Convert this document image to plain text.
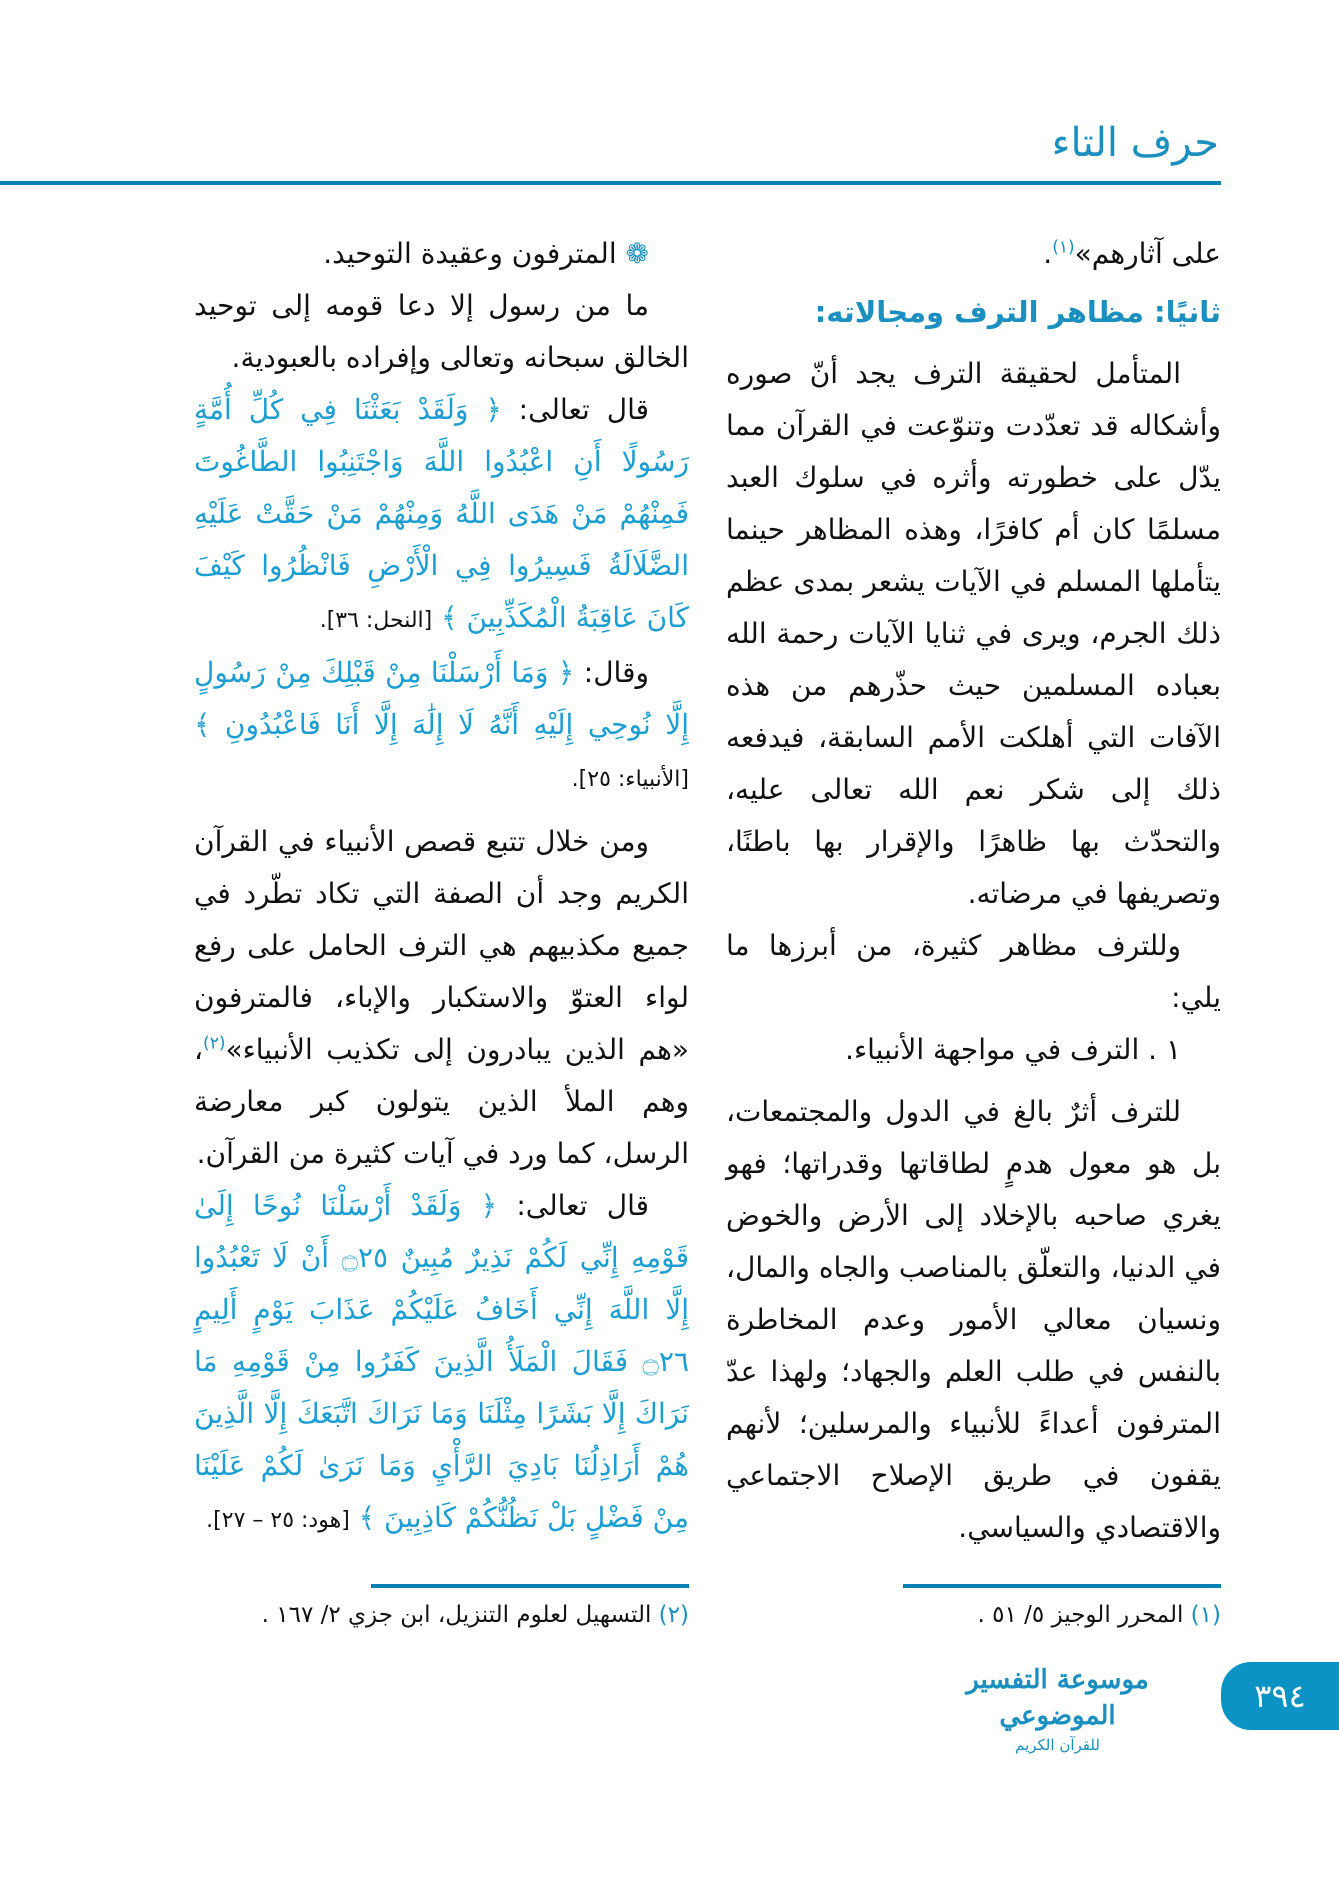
حرف التاء

على آثارهم»$^{(١)}$.

ثانيًا: مظاهر الترف ومجالاته:

المتأمل لحقيقة الترف يجد أنّ صوره وأشكاله قد تعدّدت وتنوّعت في القرآن مما يدّل على خطورته وأثره في سلوك العبد مسلمًا كان أم كافرًا، وهذه المظاهر حينما يتأملها المسلم في الآيات يشعر بمدى عظم ذلك الجرم، ويرى في ثنايا الآيات رحمة الله بعباده المسلمين حيث حذّرهم من هذه الآفات التي أهلكت الأمم السابقة، فيدفعه ذلك إلى شكر نعم الله تعالى عليه، والتحدّث بها ظاهرًا والإقرار بها باطنًا، وتصريفها في مرضاته.

وللترف مظاهر كثيرة، من أبرزها ما يلي:

١ . الترف في مواجهة الأنبياء.

للترف أثرٌ بالغ في الدول والمجتمعات، بل هو معول هدمٍ لطاقاتها وقدراتها؛ فهو يغري صاحبه بالإخلاد إلى الأرض والخوض في الدنيا، والتعلّق بالمناصب والجاه والمال، ونسيان معالي الأمور وعدم المخاطرة بالنفس في طلب العلم والجهاد؛ ولهذا عدّ المترفون أعداءً للأنبياء والمرسلين؛ لأنهم يقفون في طريق الإصلاح الاجتماعي والاقتصادي والسياسي.

❁ المترفون وعقيدة التوحيد.

ما من رسول إلا دعا قومه إلى توحيد الخالق سبحانه وتعالى وإفراده بالعبودية.

قال تعالى: ﴿ وَلَقَدْ بَعَثْنَا فِي كُلِّ أُمَّةٍ رَسُولًا أَنِ اعْبُدُوا اللَّهَ وَاجْتَنِبُوا الطَّاغُوتَ فَمِنْهُمْ مَنْ هَدَى اللَّهُ وَمِنْهُمْ مَنْ حَقَّتْ عَلَيْهِ الضَّلَالَةُ فَسِيرُوا فِي الْأَرْضِ فَانْظُرُوا كَيْفَ كَانَ عَاقِبَةُ الْمُكَذِّبِينَ ﴾ [النحل: ٣٦].

وقال: ﴿ وَمَا أَرْسَلْنَا مِنْ قَبْلِكَ مِنْ رَسُولٍ إِلَّا نُوحِي إِلَيْهِ أَنَّهُ لَا إِلَٰهَ إِلَّا أَنَا فَاعْبُدُونِ ﴾ [الأنبياء: ٢٥].

ومن خلال تتبع قصص الأنبياء في القرآن الكريم وجد أن الصفة التي تكاد تطّرد في جميع مكذبيهم هي الترف الحامل على رفع لواء العتوّ والاستكبار والإباء، فالمترفون «هم الذين يبادرون إلى تكذيب الأنبياء»$^{(٢)}$، وهم الملأ الذين يتولون كبر معارضة الرسل، كما ورد في آيات كثيرة من القرآن.

قال تعالى: ﴿ وَلَقَدْ أَرْسَلْنَا نُوحًا إِلَىٰ قَوْمِهِ إِنِّي لَكُمْ نَذِيرٌ مُبِينٌ ۝٢٥ أَنْ لَا تَعْبُدُوا إِلَّا اللَّهَ إِنِّي أَخَافُ عَلَيْكُمْ عَذَابَ يَوْمٍ أَلِيمٍ ۝٢٦ فَقَالَ الْمَلَأُ الَّذِينَ كَفَرُوا مِنْ قَوْمِهِ مَا نَرَاكَ إِلَّا بَشَرًا مِثْلَنَا وَمَا نَرَاكَ اتَّبَعَكَ إِلَّا الَّذِينَ هُمْ أَرَاذِلُنَا بَادِيَ الرَّأْيِ وَمَا نَرَىٰ لَكُمْ عَلَيْنَا مِنْ فَضْلٍ بَلْ نَظُنُّكُمْ كَاذِبِينَ ﴾ [هود: ٢٥ – ٢٧].

(١) المحرر الوجيز ٥/ ٥١ .
(٢) التسهيل لعلوم التنزيل، ابن جزي ٢/ ١٦٧ .
موسوعة التفسير الموضوعي
للقرآن الكريم
٣٩٤
